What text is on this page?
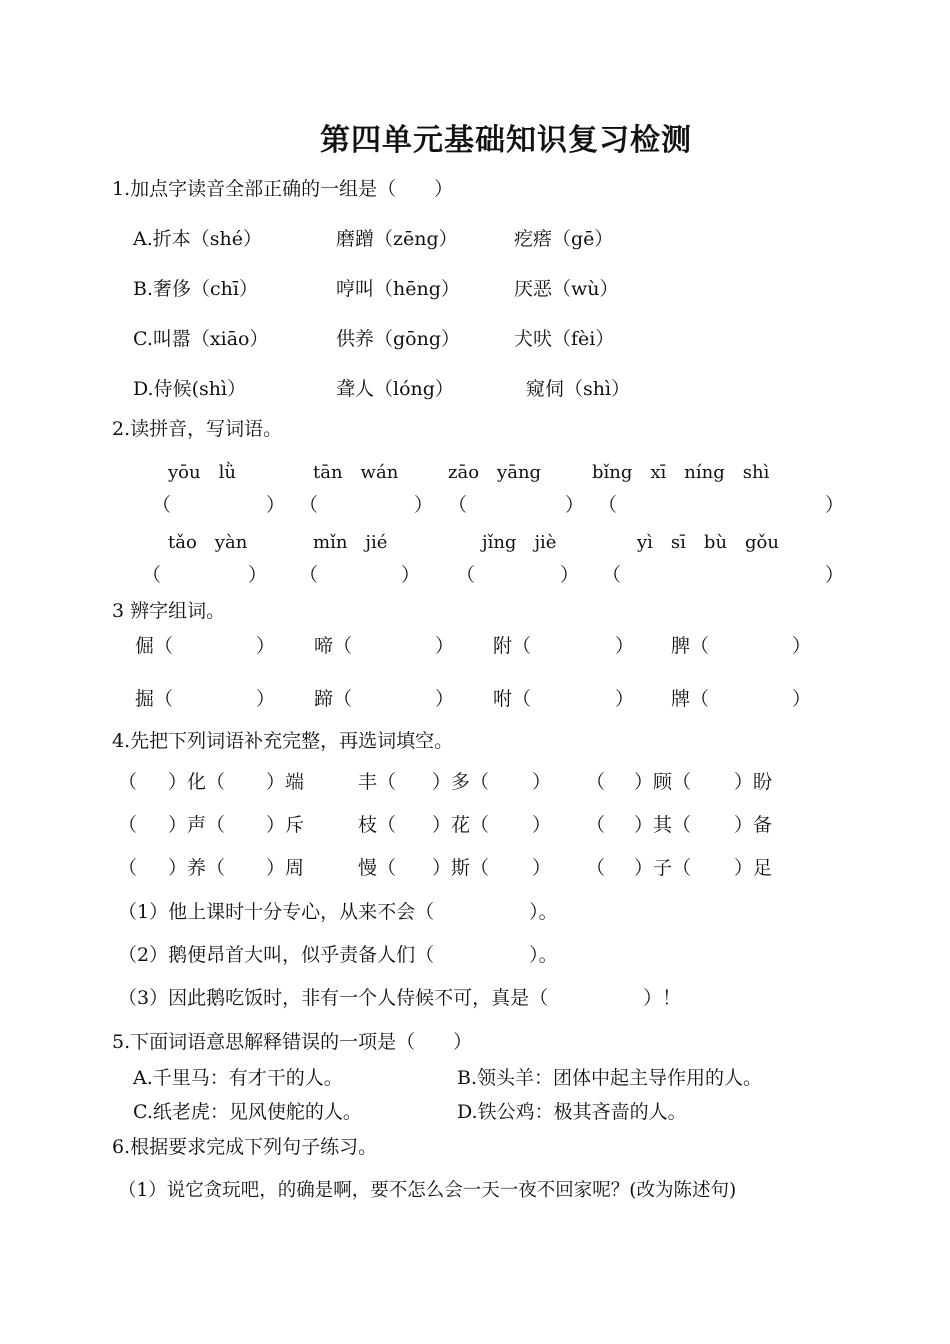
第四单元基础知识复习检测
1.加点字读音全部正确的一组是（　　）
A.折本（shé）	磨蹭（zēng）	疙瘩（gē）
B.奢侈（chī）	哼叫（hēng）	厌恶（wù）
C.叫嚣（xiāo）	供养（gōng）	犬吠（fèi）
D.侍候(shì）	聋人（lóng）	窥伺（shì）
2.读拼音，写词语。
yōu　lǜ	tān　wán	zāo　yāng	bǐng　xī　níng　shì
（	） （	） （	） （	）
tǎo　yàn	mǐn　jié	jǐng　jiè	yì　sī　bù　gǒu
（	） （	） （	） （	）
3 辨字组词。
倔（	） 啼（	） 附（	） 脾（	）
掘（	） 蹄（	） 咐（	） 牌（	）
4.先把下列词语补充完整，再选词填空。
（ ）化（ ）端	丰（ ）多（ ） （ ）顾（ ）盼
（ ）声（ ）斥	枝（ ）花（ ） （ ）其（ ）备
（ ）养（ ）周	慢（ ）斯（ ） （ ）子（ ）足
（1）他上课时十分专心，从来不会（　　　　　）。
（2）鹅便昂首大叫，似乎责备人们（　　　　　）。
（3）因此鹅吃饭时，非有一个人侍候不可，真是（　　　　　）！
5.下面词语意思解释错误的一项是（　　）
A.千里马：有才干的人。	B.领头羊：团体中起主导作用的人。
C.纸老虎：见风使舵的人。	D.铁公鸡：极其吝啬的人。
6.根据要求完成下列句子练习。
（1）说它贪玩吧，的确是啊，要不怎么会一天一夜不回家呢？(改为陈述句)
